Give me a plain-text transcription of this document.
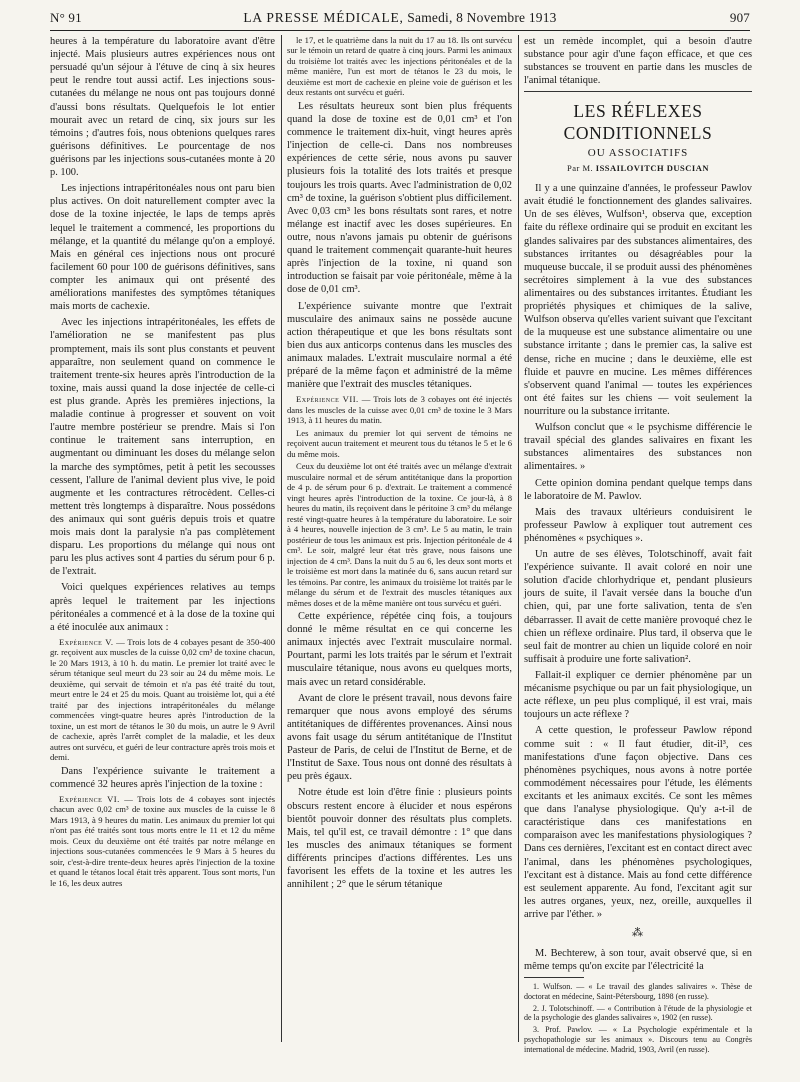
N° 91	LA PRESSE MÉDICALE, Samedi, 8 Novembre 1913	907

heures à la température du laboratoire avant d'être injecté. Mais plusieurs autres expériences nous ont persuadé qu'un séjour à l'étuve de cinq à six heures peut le rendre tout aussi actif. Les injections sous-cutanées du mélange ne nous ont pas toujours donné d'aussi bons résultats. Quelquefois le lot entier mourait avec un retard de cinq, six jours sur les témoins ; d'autres fois, nous obtenions quelques rares guérisons définitives. Le pourcentage de nos guérisons par les injections sous-cutanées monte à 20 p. 100.

Les injections intrapéritonéales nous ont paru bien plus actives. On doit naturellement compter avec la dose de la toxine injectée, le laps de temps après lequel le traitement a commencé, les proportions du mélange, et la quantité du mélange qu'on a employé. Mais en général ces injections nous ont procuré facilement 60 pour 100 de guérisons définitives, sans compter les animaux qui ont présenté des améliorations manifestes des symptômes tétaniques mais morts de cachexie.

Avec les injections intrapéritonéales, les effets de l'amélioration ne se manifestent pas plus promptement, mais ils sont plus constants et peuvent apparaître, non seulement quand on commence le traitement trente-six heures après l'introduction de la toxine, mais aussi quand la dose injectée de celle-ci est plus grande. Après les premières injections, la maladie continue à progresser et souvent on voit l'autre membre postérieur se prendre. Mais si l'on continue le traitement sans interruption, en augmentant ou diminuant les doses du mélange selon la marche des symptômes, petit à petit les secousses cessent, l'allure de l'animal devient plus vive, le poid augmente et les contractures rétrocèdent. Celles-ci mettent très longtemps à disparaître. Nous possédons des animaux qui sont guéris depuis trois et quatre mois mais dont la paralysie n'a pas complètement disparu. Les proportions du mélange qui nous ont paru les plus actives sont 4 parties du sérum pour 6 p. de l'extrait.

Voici quelques expériences relatives au temps après lequel le traitement par les injections péritonéales a commencé et à la dose de la toxine qui a été inoculée aux animaux :

Expérience V. — Trois lots de 4 cobayes pesant de 350-400 gr. reçoivent aux muscles de la cuisse 0,02 cm³ de toxine chacun, le 20 Mars 1913, à 10 h. du matin. Le premier lot traité avec le sérum tétanique seul meurt du 23 soir au 24 du même mois. Le deuxième, qui servait de témoin et n'a pas été traité du tout, meurt entre le 24 et 25 du mois. Quant au troisième lot, qui a été traité par des injections intrapéritonéales du mélange commencées vingt-quatre heures après l'introduction de la toxine, un est mort de tétanos le 30 du mois, un autre le 9 Avril de cachexie, après l'arrêt complet de la maladie, et les deux autres ont survécu, et guéri de leur contracture après trois mois et demi.

Dans l'expérience suivante le traitement a commencé 32 heures après l'injection de la toxine :

Expérience VI. — Trois lots de 4 cobayes sont injectés chacun avec 0,02 cm³ de toxine aux muscles de la cuisse le 8 Mars 1913, à 9 heures du matin. Les animaux du premier lot qui n'ont pas été traités sont tous morts entre le 11 et 12 du même mois. Ceux du deuxième ont été traités par notre mélange en injections sous-cutanées commencées le 9 Mars à 5 heures du soir, c'est-à-dire trente-deux heures après l'injection de la toxine et quand le tétanos local était très apparent. Tous sont morts, l'un le 16, les deux autres

le 17, et le quatrième dans la nuit du 17 au 18. Ils ont survécu sur le témoin un retard de quatre à cinq jours. Parmi les animaux du troisième lot traités avec les injections péritonéales et de la même manière, l'un est mort de tétanos le 23 du mois, le deuxième est mort de cachexie en pleine voie de guérison et les deux restants ont survécu et guéri.

Les résultats heureux sont bien plus fréquents quand la dose de toxine est de 0,01 cm³ et l'on commence le traitement dix-huit, vingt heures après l'injection de celle-ci. Dans nos nombreuses expériences de cette série, nous avons pu sauver plusieurs fois la totalité des lots traités et presque toujours les trois quarts. Avec l'administration de 0,02 cm³ de toxine, la guérison s'obtient plus difficilement. Avec 0,03 cm³ les bons résultats sont rares, et notre mélange est inactif avec les doses supérieures. En outre, nous n'avons jamais pu obtenir de guérisons quand le traitement commençait quarante-huit heures après l'injection de la toxine, ni quand son introduction se faisait par voie péritonéale, même à la dose de 0,01 cm³.

L'expérience suivante montre que l'extrait musculaire des animaux sains ne possède aucune action thérapeutique et que les bons résultats sont bien dus aux anticorps contenus dans les muscles des animaux malades. L'extrait musculaire normal a été préparé de la même façon et administré de la même manière que l'extrait des muscles tétaniques.

Expérience VII. — Trois lots de 3 cobayes ont été injectés dans les muscles de la cuisse avec 0,01 cm³ de toxine le 3 Mars 1913, à 11 heures du matin.

Les animaux du premier lot qui servent de témoins ne reçoivent aucun traitement et meurent tous du tétanos le 5 et le 6 du même mois.

Ceux du deuxième lot ont été traités avec un mélange d'extrait musculaire normal et de sérum antitétanique dans la proportion de 4 p. de sérum pour 6 p. d'extrait. Le traitement a commencé vingt heures après l'introduction de la toxine. Ce jour-là, à 8 heures du matin, ils reçoivent dans le péritoine 3 cm³ du mélange resté vingt-quatre heures à la température du laboratoire. Le soir à 4 heures, nouvelle injection de 3 cm³. Le 5 au matin, le train postérieur de tous les animaux est pris. Injection péritonéale de 4 cm³. Le soir, malgré leur état très grave, nous faisons une injection de 4 cm³. Dans la nuit du 5 au 6, les deux sont morts et le troisième est mort dans la matinée du 6, sans aucun retard sur les témoins. Par contre, les animaux du troisième lot traités par le mélange du sérum et de l'extrait des muscles tétaniques aux mêmes doses et de la même manière ont tous survécu et guéri.

Cette expérience, répétée cinq fois, a toujours donné le même résultat en ce qui concerne les animaux injectés avec l'extrait musculaire normal. Pourtant, parmi les lots traités par le sérum et l'extrait musculaire tétanique, nous avons eu quelques morts, mais avec un retard considérable.

Avant de clore le présent travail, nous devons faire remarquer que nous avons employé des sérums antitétaniques de différentes provenances. Ainsi nous avons fait usage du sérum antitétanique de l'Institut Pasteur de Paris, de celui de l'Institut de Berne, et de l'Institut de Saxe. Tous nous ont donné des résultats à peu près égaux.

Notre étude est loin d'être finie : plusieurs points obscurs restent encore à élucider et nous espérons bientôt pouvoir donner des résultats plus complets. Mais, tel qu'il est, ce travail démontre : 1° que dans les muscles des animaux tétaniques se forment différents principes d'actions différentes. Les uns favorisent les effets de la toxine et les autres les annihilent ; 2° que le sérum tétanique

est un remède incomplet, qui a besoin d'autre substance pour agir d'une façon efficace, et que ces substances se trouvent en partie dans les muscles de l'animal tétanique.

LES RÉFLEXES CONDITIONNELS
OU ASSOCIATIFS
Par M. ISSAILOVITCH DUSCIAN

Il y a une quinzaine d'années, le professeur Pawlov avait étudié le fonctionnement des glandes salivaires. Un de ses élèves, Wulfson¹, observa que, exception faite du réflexe ordinaire qui se produit en excitant les glandes salivaires par des substances alimentaires, des substances irritantes ou désagréables pour la muqueuse buccale, il se produit aussi des phénomènes secrétoires simplement à la vue des substances alimentaires ou des substances irritantes. Étudiant les propriétés physiques et chimiques de la salive, Wulfson observa qu'elles varient suivant que l'excitant de la muqueuse est une substance alimentaire ou une substance irritante ; dans le premier cas, la salive est dense, riche en mucine ; dans le deuxième, elle est fluide et pauvre en mucine. Les mêmes différences s'observent quand l'animal — toutes les expériences ont été faites sur les chiens — voit seulement la nourriture ou la substance irritante.

Wulfson conclut que « le psychisme différencie le travail spécial des glandes salivaires en fixant les substances alimentaires des substances non alimentaires. »

Cette opinion domina pendant quelque temps dans le laboratoire de M. Pawlov.

Mais des travaux ultérieurs conduisirent le professeur Pawlow à expliquer tout autrement ces phénomènes « psychiques ».

Un autre de ses élèves, Tolotschinoff, avait fait l'expérience suivante. Il avait coloré en noir une solution d'acide chlorhydrique et, pendant plusieurs jours de suite, il l'avait versée dans la bouche d'un chien, qui, par une forte salivation, tenta de s'en débarrasser. Il avait de cette manière provoqué chez le chien un réflexe ordinaire. Plus tard, il observa que le seul fait de montrer au chien un liquide coloré en noir suffisait à produire une forte salivation².

Fallait-il expliquer ce dernier phénomène par un mécanisme psychique ou par un fait physiologique, un acte réflexe, un peu plus compliqué, il est vrai, mais toujours un acte réflexe ?

A cette question, le professeur Pawlow répond comme suit : « Il faut étudier, dit-il³, ces manifestations d'une façon objective. Dans ces phénomènes psychiques, nous avons à notre portée commodément nécessaires pour l'étude, les éléments excitants et les animaux excités. Ce sont les mêmes que dans l'analyse physiologique. Qu'y a-t-il de caractéristique dans ces manifestations en comparaison avec les manifestations physiologiques ? Dans ces dernières, l'excitant est en contact direct avec l'animal, dans les phénomènes psychologiques, l'excitant est à distance. Mais au fond cette différence est seulement apparente. Au fond, l'excitant agit sur les autres organes, yeux, nez, oreille, auxquelles il arrive par l'éther. »

⁂

M. Bechterew, à son tour, avait observé que, si en même temps qu'on excite par l'électricité la

1. Wulfson. — « Le travail des glandes salivaires ». Thèse de doctorat en médecine, Saint-Pétersbourg, 1898 (en russe).

2. J. Tolotschinoff. — « Contribution à l'étude de la physiologie et de la psychologie des glandes salivaires », 1902 (en russe).

3. Prof. Pawlov. — « La Psychologie expérimentale et la psychopathologie sur les animaux ». Discours tenu au Congrès international de médecine. Madrid, 1903, Avril (en russe).
